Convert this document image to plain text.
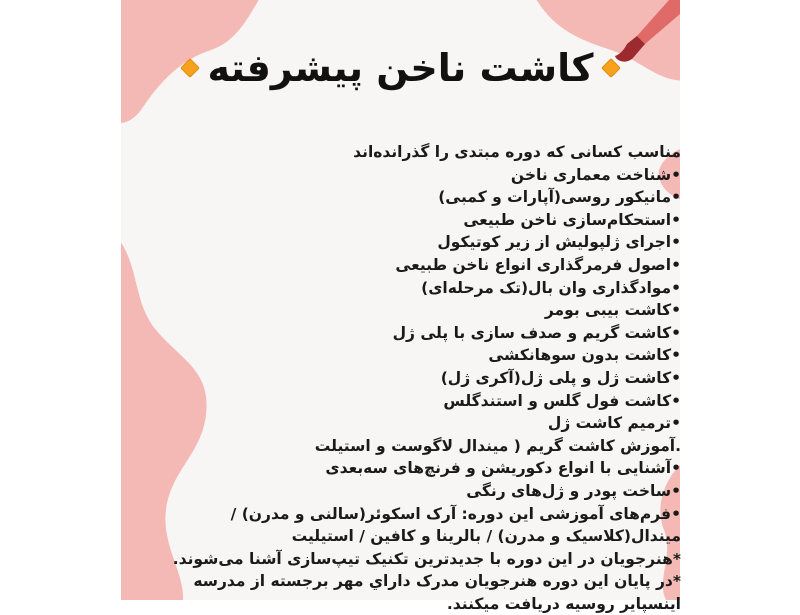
کاشت ناخن پیشرفته
مناسب کسانی که دوره مبتدی را گذرانده‌اند
•شناخت معماری ناخن
•مانیکور روسی(آپارات و کمبی)
•استحکام‌سازی ناخن طبیعی
•اجرای ژلپولیش از زیر کوتیکول
•اصول فرمرگذاری انواع ناخن طبیعی
•موادگذاری وان بال(تک مرحله‌ای)
•کاشت بیبی بومر
•کاشت گریم و صدف سازی با پلی ژل
•کاشت بدون سوهانکشی
•کاشت ژل و پلی ژل(آکری ژل)
•کاشت فول گلس و استندگلس
•ترمیم کاشت ژل
.آموزش کاشت گریم ( میندال لاگوست و استیلت
•آشنایی با انواع دکوریشن و فرنچ‌های سه‌بعدی
•ساخت پودر و ژل‌های رنگی
•فرم‌های آموزشی این دوره: آرک اسکوئر(سالنی و مدرن) / میندال(کلاسیک و مدرن) / بالرینا و کافین / استیلیت
*هنرجویان در این دوره با جدیدترین تکنیک تیپ‌سازی آشنا می‌شوند.
*در پایان این دوره هنرجویان مدرک داراي مهر برجسته از مدرسه اینسپایر روسیه دریافت میکنند.
